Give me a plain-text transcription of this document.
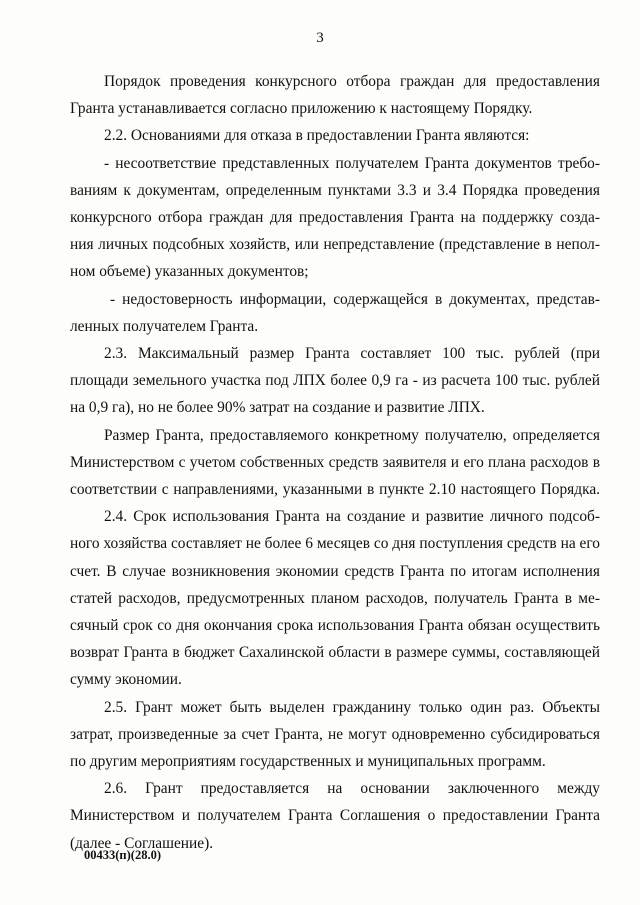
3
Порядок проведения конкурсного отбора граждан для предоставления
Гранта устанавливается согласно приложению к настоящему Порядку.
2.2. Основаниями для отказа в предоставлении Гранта являются:
- несоответствие представленных получателем Гранта документов требо-
ваниям к документам, определенным пунктами 3.3 и 3.4 Порядка проведения
конкурсного отбора граждан для предоставления Гранта на поддержку созда-
ния личных подсобных хозяйств, или непредставление (представление в непол-
ном объеме) указанных документов;
- недостоверность информации, содержащейся в документах, представ-
ленных получателем Гранта.
2.3. Максимальный размер Гранта составляет 100 тыс. рублей (при
площади земельного участка под ЛПХ более 0,9 га - из расчета 100 тыс. рублей
на 0,9 га), но не более 90% затрат на создание и развитие ЛПХ.
Размер Гранта, предоставляемого конкретному получателю, определяется
Министерством с учетом собственных средств заявителя и его плана расходов в
соответствии с направлениями, указанными в пункте 2.10 настоящего Порядка.
2.4. Срок использования Гранта на создание и развитие личного подсоб-
ного хозяйства составляет не более 6 месяцев со дня поступления средств на его
счет. В случае возникновения экономии средств Гранта по итогам исполнения
статей расходов, предусмотренных планом расходов, получатель Гранта в ме-
сячный срок со дня окончания срока использования Гранта обязан осуществить
возврат Гранта в бюджет Сахалинской области в размере суммы, составляющей
сумму экономии.
2.5. Грант может быть выделен гражданину только один раз. Объекты
затрат, произведенные за счет Гранта, не могут одновременно субсидироваться
по другим мероприятиям государственных и муниципальных программ.
2.6. Грант предоставляется на основании заключенного между
Министерством и получателем Гранта Соглашения о предоставлении Гранта
(далее - Соглашение).
00433(п)(28.0)
